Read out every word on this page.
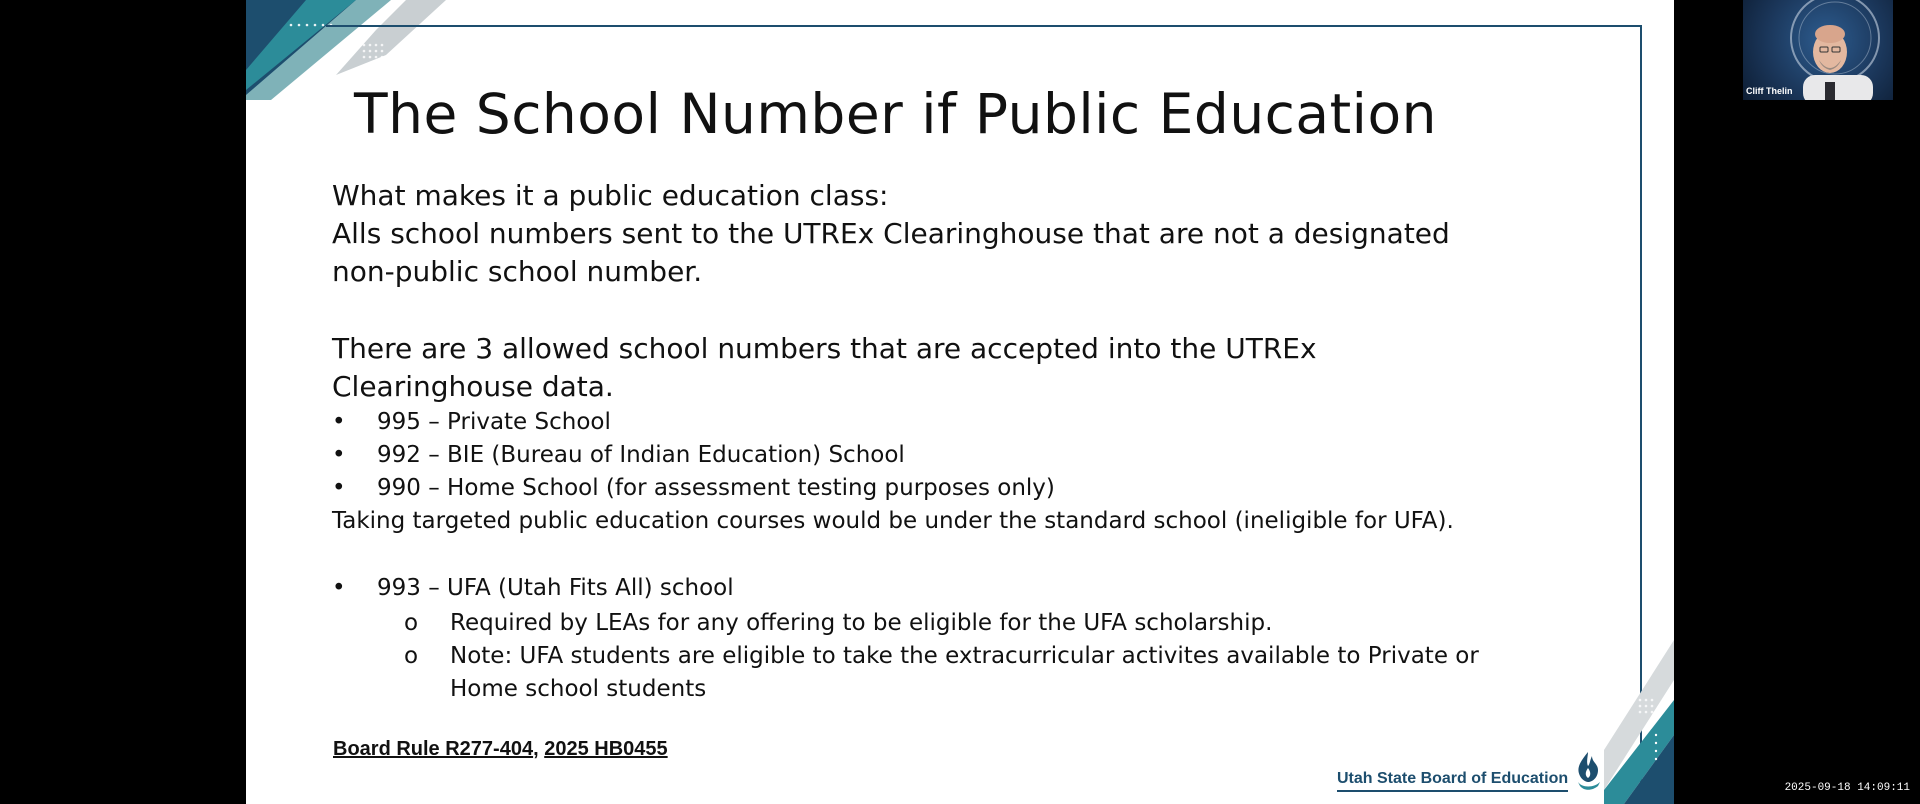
The School Number if Public Education
What makes it a public education class:
Alls school numbers sent to the UTREx Clearinghouse that are not a designated
non-public school number.
There are 3 allowed school numbers that are accepted into the UTREx
Clearinghouse data.
• 995 – Private School
• 992 – BIE (Bureau of Indian Education) School
• 990 – Home School (for assessment testing purposes only)
Taking targeted public education courses would be under the standard school (ineligible for UFA).
• 993 – UFA (Utah Fits All) school
o Required by LEAs for any offering to be eligible for the UFA scholarship.
o Note: UFA students are eligible to take the extracurricular activites available to Private or
Home school students
Board Rule R277-404, 2025 HB0455
Utah State Board of Education
Cliff Thelin
2025-09-18 14:09:11
